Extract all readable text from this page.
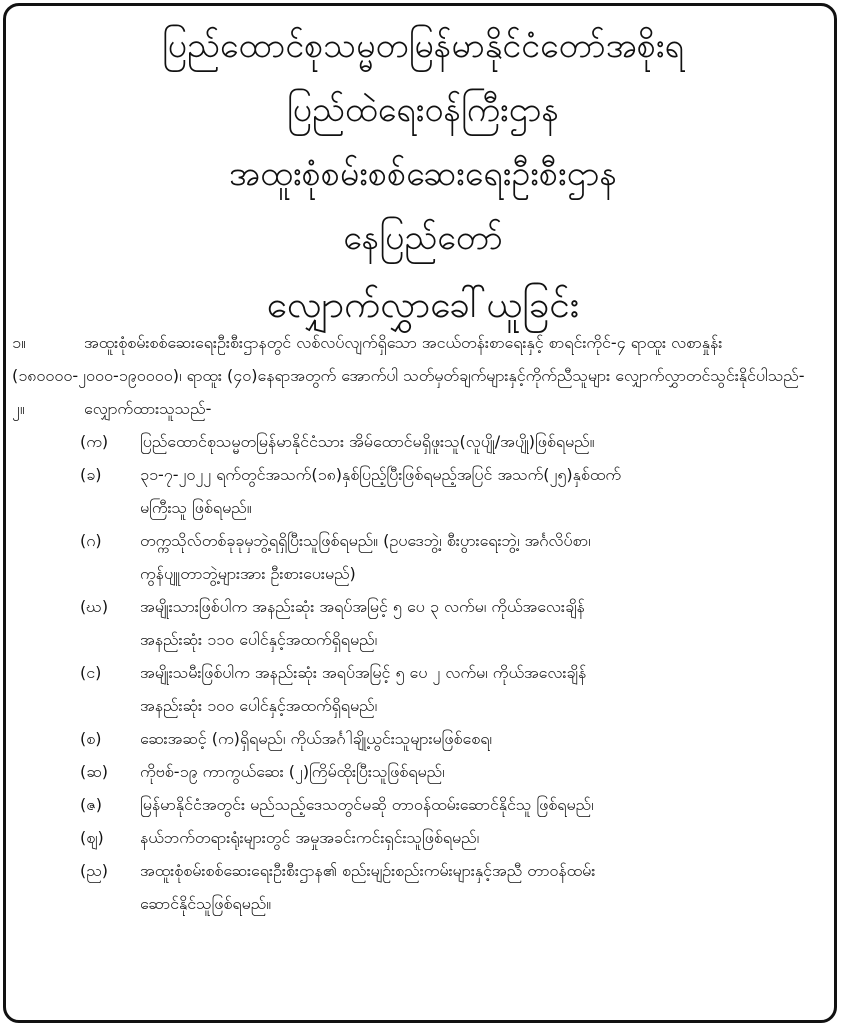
ပြည်ထောင်စုသမ္မတမြန်မာနိုင်ငံတော်အစိုးရ
ပြည်ထဲရေးဝန်ကြီးဌာန
အထူးစုံစမ်းစစ်ဆေးရေးဦးစီးဌာန
နေပြည်တော်
လျှောက်လွှာခေါ်ယူခြင်း
၁။	အထူးစုံစမ်းစစ်ဆေးရေးဦးစီးဌာနတွင် လစ်လပ်လျက်ရှိသော အငယ်တန်းစာရေးနှင့် စာရင်းကိုင်-၄ ရာထူး လစာနှုန်း (၁၈၀၀၀၀-၂၀၀၀-၁၉၀၀၀၀)၊ ရာထူး (၄၀)နေရာအတွက် အောက်ပါ သတ်မှတ်ချက်များနှင့်ကိုက်ညီသူများ လျှောက်လွှာတင်သွင်းနိုင်ပါသည်-
၂။	လျှောက်ထားသူသည်-
(က) ပြည်ထောင်စုသမ္မတမြန်မာနိုင်ငံသား အိမ်ထောင်မရှိဖူးသူ(လူပျို/အပျို)ဖြစ်ရမည်။
(ခ) ၃၁-၇-၂၀၂၂ ရက်တွင်အသက်(၁၈)နှစ်ပြည့်ပြီးဖြစ်ရမည့်အပြင် အသက်(၂၅)နှစ်ထက်
မကြီးသူ ဖြစ်ရမည်။
(ဂ) တက္ကသိုလ်တစ်ခုခုမှဘွဲ့ရရှိပြီးသူဖြစ်ရမည်။ (ဥပဒေဘွဲ့၊ စီးပွားရေးဘွဲ့၊ အင်္ဂလိပ်စာ၊
ကွန်ပျူတာဘွဲ့များအား ဦးစားပေးမည်)
(ဃ) အမျိုးသားဖြစ်ပါက အနည်းဆုံး အရပ်အမြင့် ၅ ပေ ၃ လက်မ၊ ကိုယ်အလေးချိန်
အနည်းဆုံး ၁၁၀ ပေါင်နှင့်အထက်ရှိရမည်၊
(င) အမျိုးသမီးဖြစ်ပါက အနည်းဆုံး အရပ်အမြင့် ၅ ပေ ၂ လက်မ၊ ကိုယ်အလေးချိန်
အနည်းဆုံး ၁၀၀ ပေါင်နှင့်အထက်ရှိရမည်၊
(စ) ဆေးအဆင့် (က)ရှိရမည်၊ ကိုယ်အင်္ဂါချို့ယွင်းသူများမဖြစ်စေရ၊
(ဆ) ကိုဗစ်-၁၉ ကာကွယ်ဆေး (၂)ကြိမ်ထိုးပြီးသူဖြစ်ရမည်၊
(ဇ) မြန်မာနိုင်ငံအတွင်း မည်သည့်ဒေသတွင်မဆို တာဝန်ထမ်းဆောင်နိုင်သူ ဖြစ်ရမည်၊
(ဈ) နယ်ဘက်တရားရုံးများတွင် အမှုအခင်းကင်းရှင်းသူဖြစ်ရမည်၊
(ည) အထူးစုံစမ်းစစ်ဆေးရေးဦးစီးဌာန၏ စည်းမျဉ်းစည်းကမ်းများနှင့်အညီ တာဝန်ထမ်း
ဆောင်နိုင်သူဖြစ်ရမည်။
